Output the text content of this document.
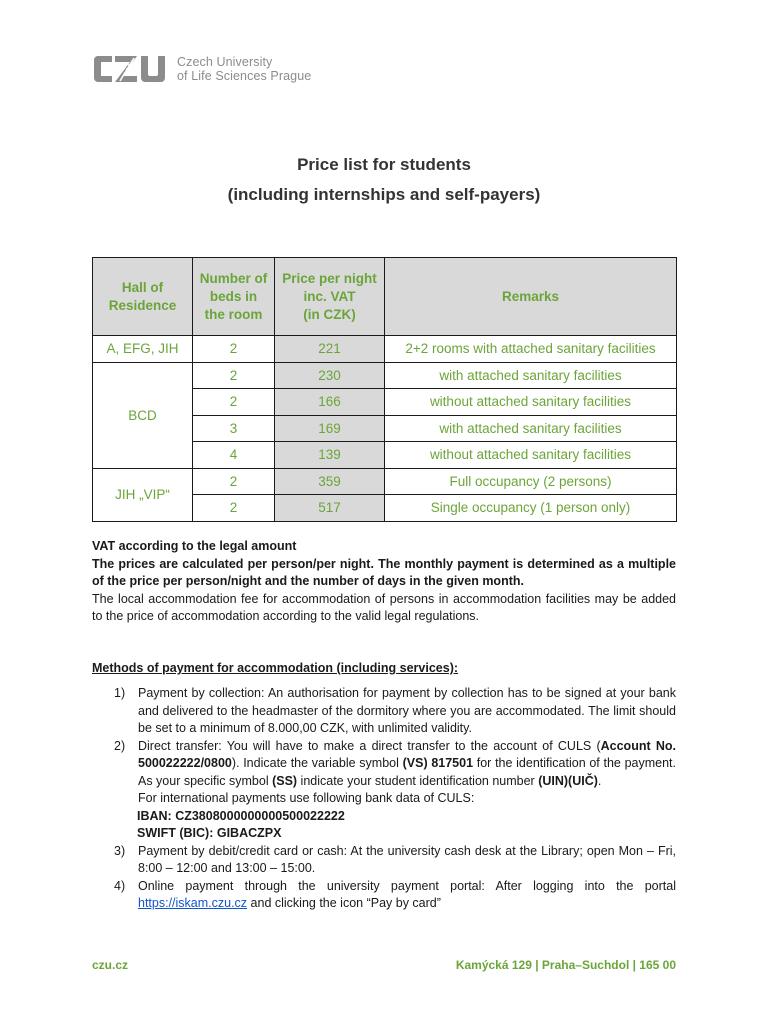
Czech University
of Life Sciences Prague
Price list for students
(including internships and self-payers)
Hall of
Residence	Number of
beds in
the room	Price per night
inc. VAT
(in CZK)	Remarks
A, EFG, JIH	2	221	2+2 rooms with attached sanitary facilities
BCD	2	230	with attached sanitary facilities
	2	166	without attached sanitary facilities
	3	169	with attached sanitary facilities
	4	139	without attached sanitary facilities
JIH „VIP“	2	359	Full occupancy (2 persons)
	2	517	Single occupancy (1 person only)
VAT according to the legal amount
The prices are calculated per person/per night. The monthly payment is determined as a multiple of the price per person/night and the number of days in the given month.
The local accommodation fee for accommodation of persons in accommodation facilities may be added to the price of accommodation according to the valid legal regulations.
Methods of payment for accommodation (including services):
1)	Payment by collection: An authorisation for payment by collection has to be signed at your bank and delivered to the headmaster of the dormitory where you are accommodated. The limit should be set to a minimum of 8.000,00 CZK, with unlimited validity.
2)	Direct transfer: You will have to make a direct transfer to the account of CULS (Account No. 500022222/0800). Indicate the variable symbol (VS) 817501 for the identification of the payment. As your specific symbol (SS) indicate your student identification number (UIN)(UIČ).
For international payments use following bank data of CULS:
IBAN: CZ3808000000000500022222
SWIFT (BIC): GIBACZPX
3)	Payment by debit/credit card or cash: At the university cash desk at the Library; open Mon – Fri, 8:00 – 12:00 and 13:00 – 15:00.
4)	Online payment through the university payment portal: After logging into the portal https://iskam.czu.cz and clicking the icon “Pay by card”
czu.cz	Kamýcká 129 | Praha–Suchdol | 165 00
